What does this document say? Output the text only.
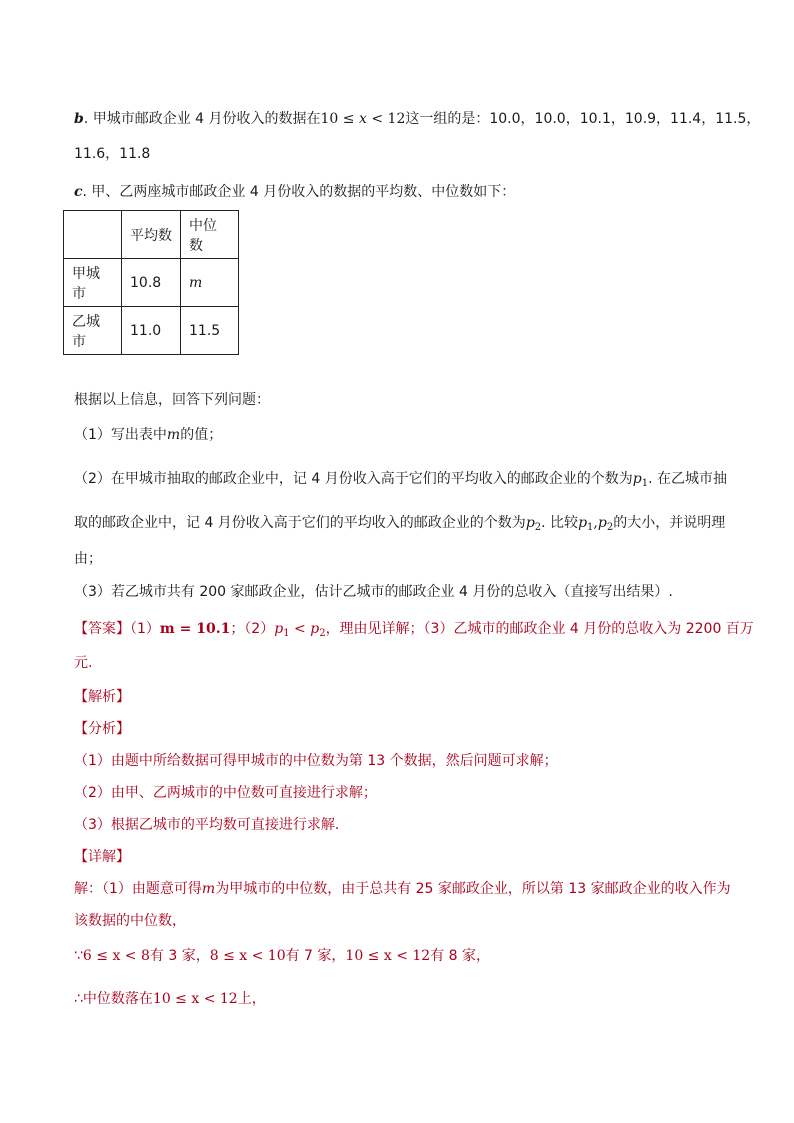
b. 甲城市邮政企业 4 月份收入的数据在10 ≤ x < 12这一组的是：10.0，10.0，10.1，10.9，11.4，11.5，
11.6，11.8
c. 甲、乙两座城市邮政企业 4 月份收入的数据的平均数、中位数如下：
	平均数	中位数
甲城市	10.8	m
乙城市	11.0	11.5
根据以上信息，回答下列问题：
（1）写出表中m的值；
（2）在甲城市抽取的邮政企业中，记 4 月份收入高于它们的平均收入的邮政企业的个数为$p_1$. 在乙城市抽
取的邮政企业中，记 4 月份收入高于它们的平均收入的邮政企业的个数为$p_2$. 比较$p_1,p_2$的大小，并说明理
由；
（3）若乙城市共有 200 家邮政企业，估计乙城市的邮政企业 4 月份的总收入（直接写出结果）.
【答案】（1）m = 10.1；$(2)p_1 < p_2$，理由见详解；（3）乙城市的邮政企业 4 月份的总收入为 2200 百万
元.
【解析】
【分析】
（1）由题中所给数据可得甲城市的中位数为第 13 个数据，然后问题可求解；
（2）由甲、乙两城市的中位数可直接进行求解；
（3）根据乙城市的平均数可直接进行求解.
【详解】
解：（1）由题意可得m为甲城市的中位数，由于总共有 25 家邮政企业，所以第 13 家邮政企业的收入作为
该数据的中位数，
∵6 ≤ x < 8有 3 家，8 ≤ x < 10有 7 家，10 ≤ x < 12有 8 家，
∴中位数落在10 ≤ x < 12上，
